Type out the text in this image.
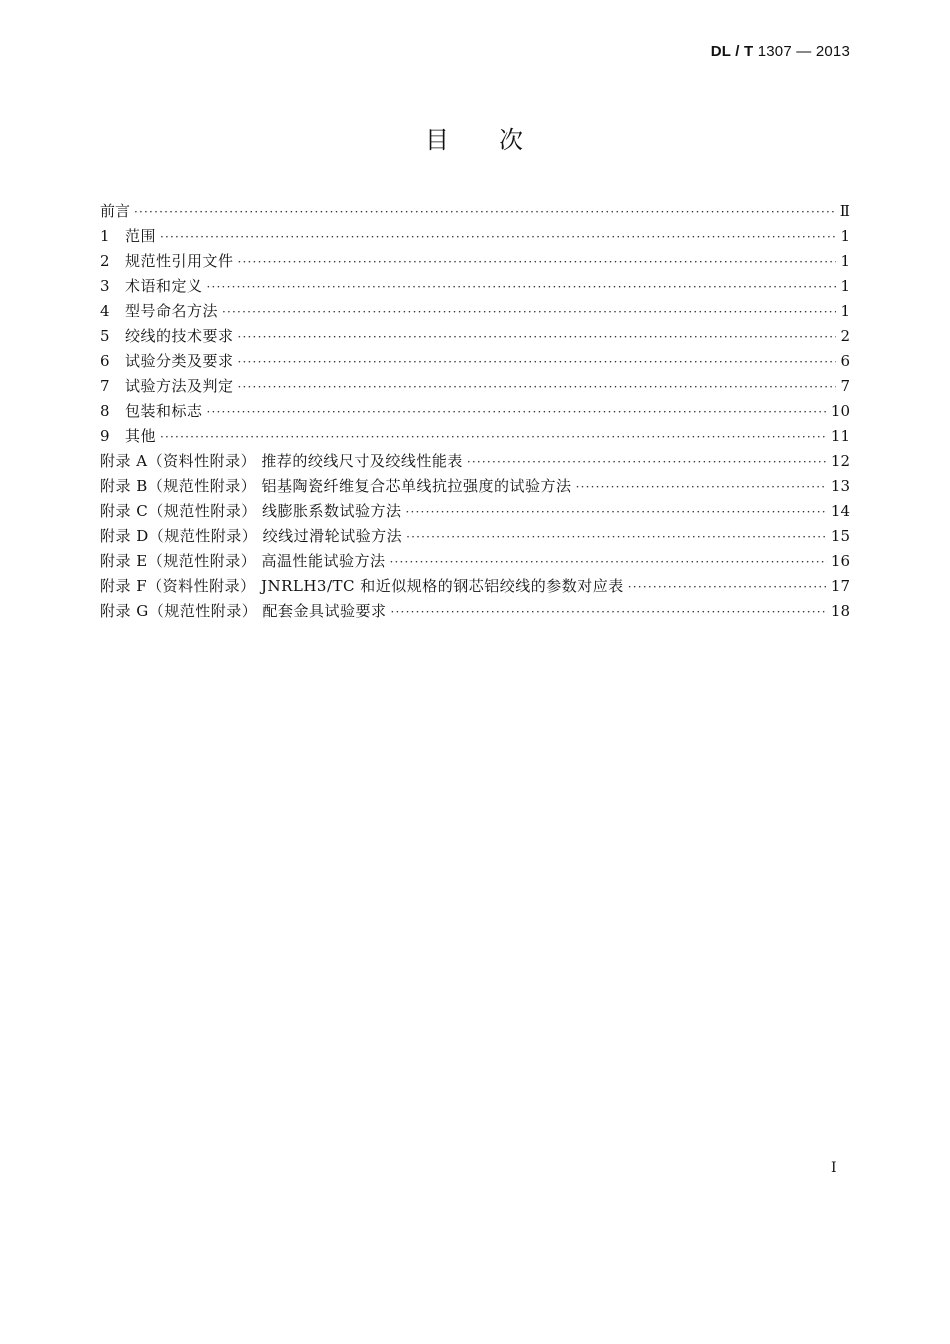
DL / T 1307 — 2013
目 次
前言 ·····	Ⅱ
1	范围 ·····	1
2	规范性引用文件 ·····	1
3	术语和定义 ·····	1
4	型号命名方法 ·····	1
5	绞线的技术要求 ·····	2
6	试验分类及要求 ·····	6
7	试验方法及判定 ·····	7
8	包装和标志 ·····	10
9	其他 ·····	11
附录 A（资料性附录） 推荐的绞线尺寸及绞线性能表 ·····	12
附录 B（规范性附录） 铝基陶瓷纤维复合芯单线抗拉强度的试验方法 ·····	13
附录 C（规范性附录） 线膨胀系数试验方法 ·····	14
附录 D（规范性附录） 绞线过滑轮试验方法 ·····	15
附录 E（规范性附录） 高温性能试验方法 ·····	16
附录 F（资料性附录） JNRLH3/TC 和近似规格的钢芯铝绞线的参数对应表 ·····	17
附录 G（规范性附录） 配套金具试验要求 ·····	18
I
